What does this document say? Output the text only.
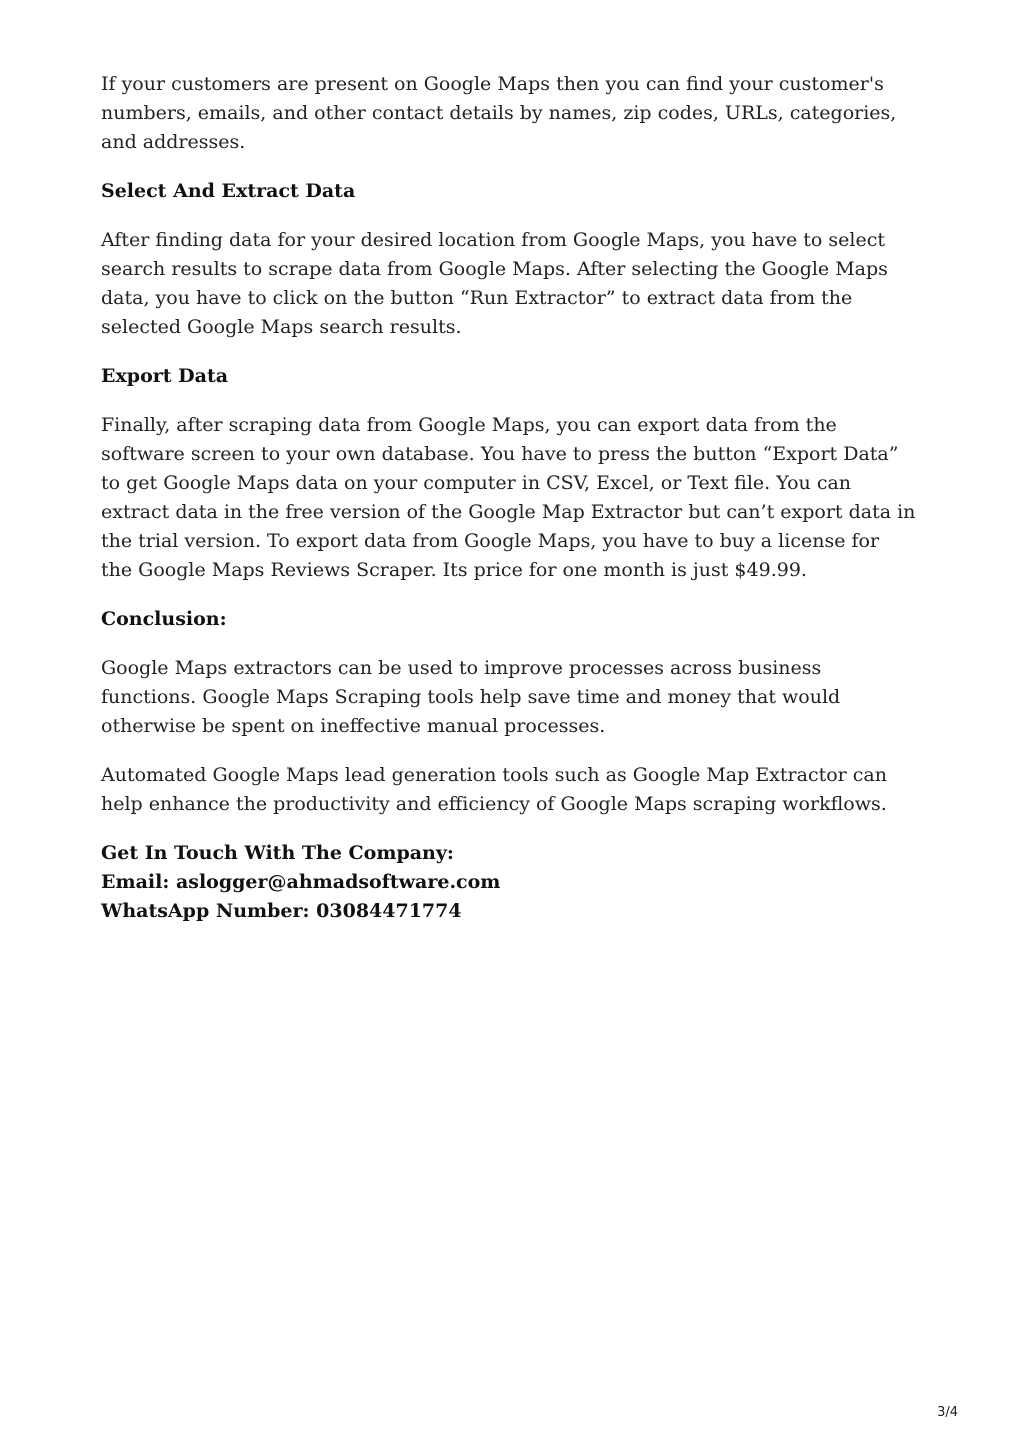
If your customers are present on Google Maps then you can find your customer's numbers, emails, and other contact details by names, zip codes, URLs, categories, and addresses.

Select And Extract Data

After finding data for your desired location from Google Maps, you have to select search results to scrape data from Google Maps. After selecting the Google Maps data, you have to click on the button “Run Extractor” to extract data from the selected Google Maps search results.

Export Data

Finally, after scraping data from Google Maps, you can export data from the software screen to your own database. You have to press the button “Export Data” to get Google Maps data on your computer in CSV, Excel, or Text file. You can extract data in the free version of the Google Map Extractor but can’t export data in the trial version. To export data from Google Maps, you have to buy a license for the Google Maps Reviews Scraper. Its price for one month is just $49.99.

Conclusion:

Google Maps extractors can be used to improve processes across business functions. Google Maps Scraping tools help save time and money that would otherwise be spent on ineffective manual processes.

Automated Google Maps lead generation tools such as Google Map Extractor can help enhance the productivity and efficiency of Google Maps scraping workflows.

Get In Touch With The Company:
Email: aslogger@ahmadsoftware.com
WhatsApp Number: 03084471774
3/4
